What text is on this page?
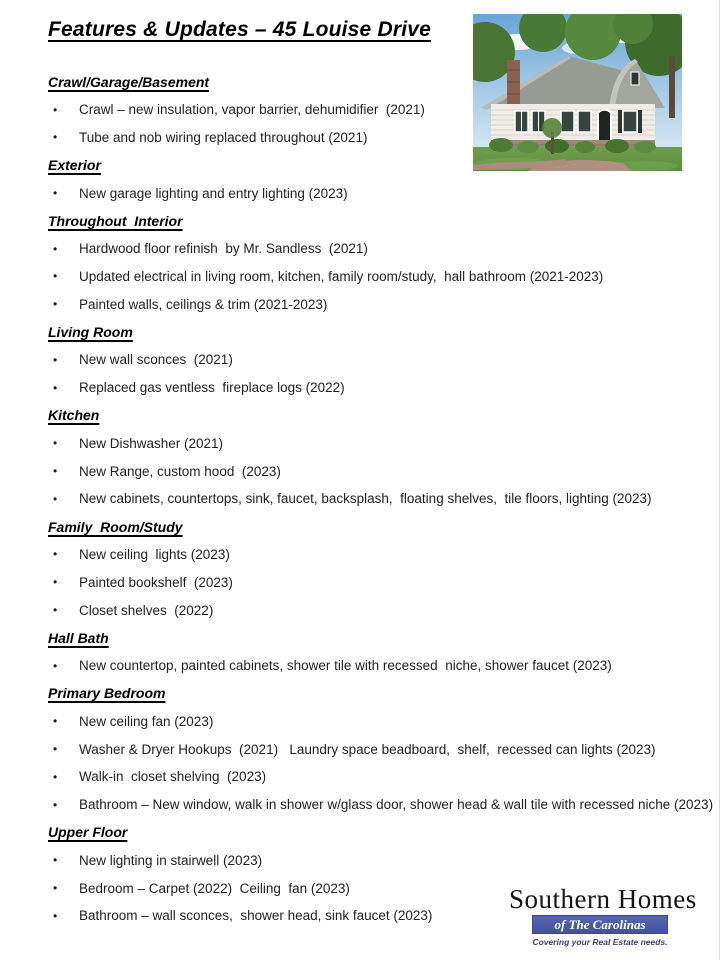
Features & Updates – 45 Louise Drive
Crawl/Garage/Basement
•	Crawl – new insulation, vapor barrier, dehumidifier  (2021)
•	Tube and nob wiring replaced throughout (2021)
Exterior
•	New garage lighting and entry lighting (2023)
Throughout  Interior
•	Hardwood floor refinish  by Mr. Sandless  (2021)
•	Updated electrical in living room, kitchen, family room/study,  hall bathroom (2021-2023)
•	Painted walls, ceilings & trim (2021-2023)
Living Room
•	New wall sconces  (2021)
•	Replaced gas ventless  fireplace logs (2022)
Kitchen
•	New Dishwasher (2021)
•	New Range, custom hood  (2023)
•	New cabinets, countertops, sink, faucet, backsplash,  floating shelves,  tile floors, lighting (2023)
Family  Room/Study
•	New ceiling  lights (2023)
•	Painted bookshelf  (2023)
•	Closet shelves  (2022)
Hall Bath
•	New countertop, painted cabinets, shower tile with recessed  niche, shower faucet (2023)
Primary Bedroom
•	New ceiling fan (2023)
•	Washer & Dryer Hookups  (2021)   Laundry space beadboard,  shelf,  recessed can lights (2023)
•	Walk-in  closet shelving  (2023)
•	Bathroom – New window, walk in shower w/glass door, shower head & wall tile with recessed niche (2023)
Upper Floor
•	New lighting in stairwell (2023)
•	Bedroom – Carpet (2022)  Ceiling  fan (2023)
•	Bathroom – wall sconces,  shower head, sink faucet (2023)
Southern Homes
of The Carolinas
Covering your Real Estate needs.
